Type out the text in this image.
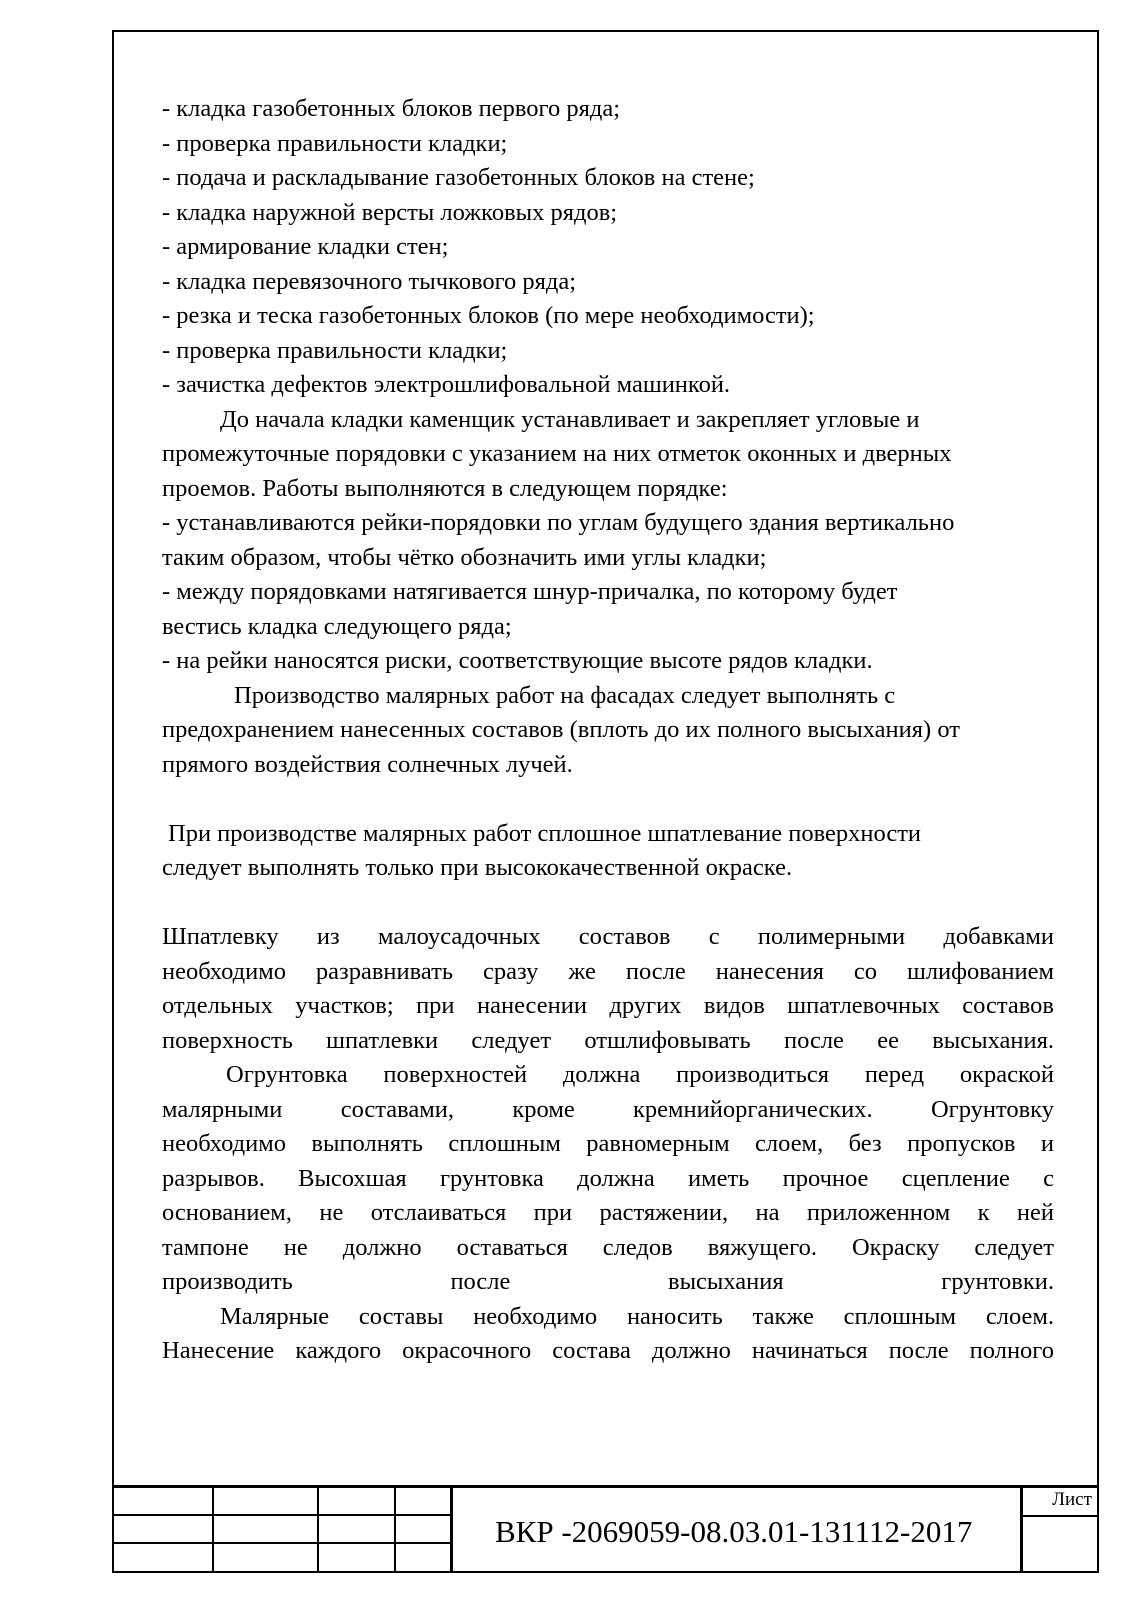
- кладка газобетонных блоков первого ряда;
- проверка правильности кладки;
- подача и раскладывание газобетонных блоков на стене;
- кладка наружной версты ложковых рядов;
- армирование кладки стен;
- кладка перевязочного тычкового ряда;
- резка и теска газобетонных блоков (по мере необходимости);
- проверка правильности кладки;
- зачистка дефектов электрошлифовальной машинкой.
До начала кладки каменщик устанавливает и закрепляет угловые и
промежуточные порядовки с указанием на них отметок оконных и дверных
проемов. Работы выполняются в следующем порядке:
- устанавливаются рейки-порядовки по углам будущего здания вертикально
таким образом, чтобы чётко обозначить ими углы кладки;
- между порядовками натягивается шнур-причалка, по которому будет
вестись кладка следующего ряда;
- на рейки наносятся риски, соответствующие высоте рядов кладки.
Производство малярных работ на фасадах следует выполнять с
предохранением нанесенных составов (вплоть до их полного высыхания) от
прямого воздействия солнечных лучей.
При производстве малярных работ сплошное шпатлевание поверхности
следует выполнять только при высококачественной окраске.
Шпатлевку из малоусадочных составов с полимерными добавками
необходимо разравнивать сразу же после нанесения со шлифованием
отдельных участков; при нанесении других видов шпатлевочных составов
поверхность шпатлевки следует отшлифовывать после ее высыхания.
Огрунтовка поверхностей должна производиться перед окраской
малярными составами, кроме кремнийорганических. Огрунтовку
необходимо выполнять сплошным равномерным слоем, без пропусков и
разрывов. Высохшая грунтовка должна иметь прочное сцепление с
основанием, не отслаиваться при растяжении, на приложенном к ней
тампоне не должно оставаться следов вяжущего. Окраску следует
производить после высыхания грунтовки.
Малярные составы необходимо наносить также сплошным слоем.
Нанесение каждого окрасочного состава должно начинаться после полного
ВКР -2069059-08.03.01-131112-2017
Лист
